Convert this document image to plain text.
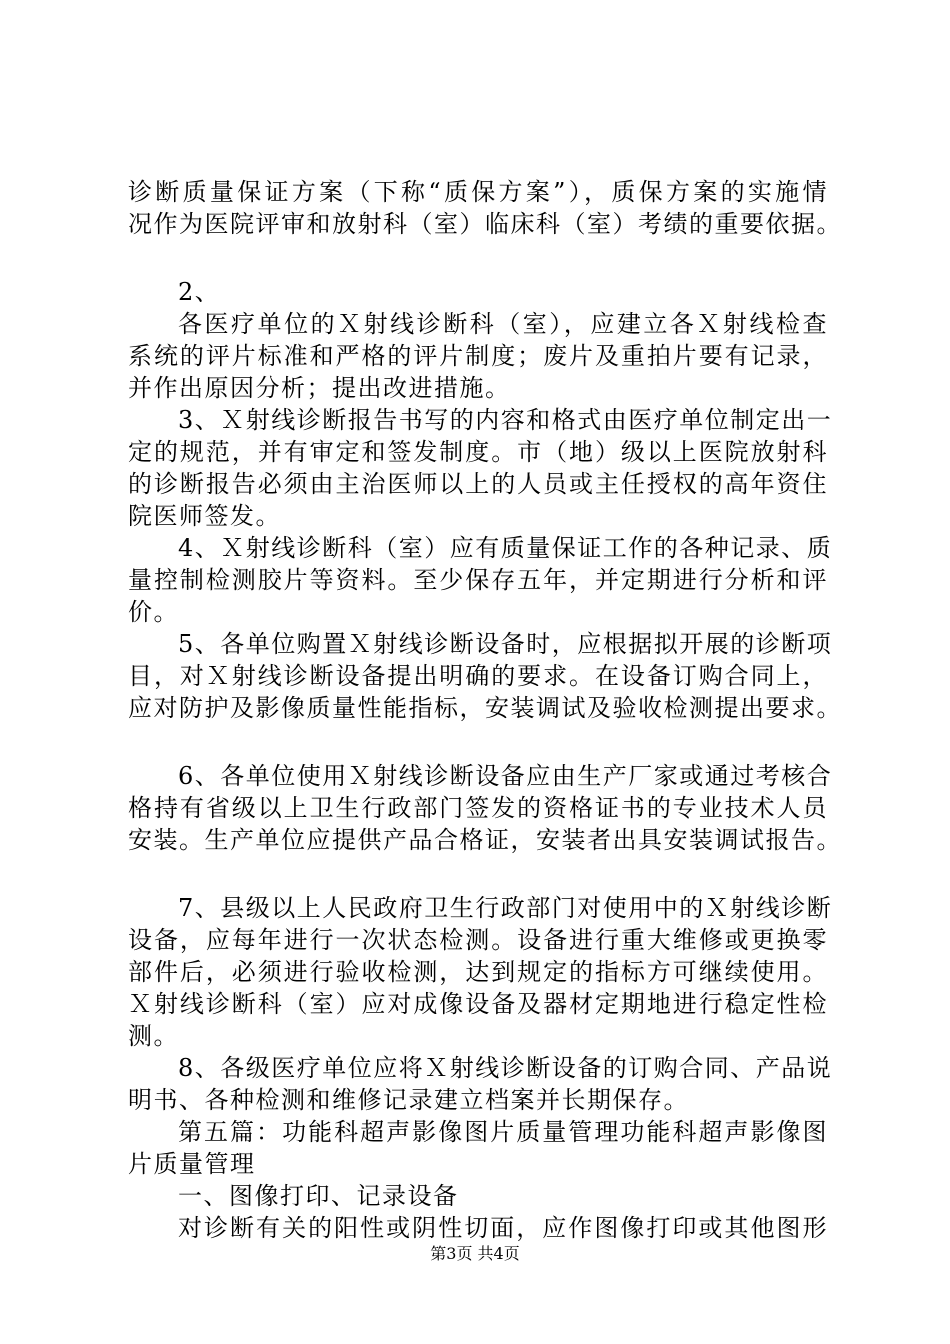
诊断质量保证方案（下称“质保方案”），质保方案的实施情
况作为医院评审和放射科（室）临床科（室）考绩的重要依据。
2、
各医疗单位的Ｘ射线诊断科（室），应建立各Ｘ射线检查
系统的评片标准和严格的评片制度；废片及重拍片要有记录，
并作出原因分析；提出改进措施。
3、Ｘ射线诊断报告书写的内容和格式由医疗单位制定出一
定的规范，并有审定和签发制度。市（地）级以上医院放射科
的诊断报告必须由主治医师以上的人员或主任授权的高年资住
院医师签发。
4、Ｘ射线诊断科（室）应有质量保证工作的各种记录、质
量控制检测胶片等资料。至少保存五年，并定期进行分析和评
价。
5、各单位购置Ｘ射线诊断设备时，应根据拟开展的诊断项
目，对Ｘ射线诊断设备提出明确的要求。在设备订购合同上，
应对防护及影像质量性能指标，安装调试及验收检测提出要求。
6、各单位使用Ｘ射线诊断设备应由生产厂家或通过考核合
格持有省级以上卫生行政部门签发的资格证书的专业技术人员
安装。生产单位应提供产品合格证，安装者出具安装调试报告。
7、县级以上人民政府卫生行政部门对使用中的Ｘ射线诊断
设备，应每年进行一次状态检测。设备进行重大维修或更换零
部件后，必须进行验收检测，达到规定的指标方可继续使用。
Ｘ射线诊断科（室）应对成像设备及器材定期地进行稳定性检
测。
8、各级医疗单位应将Ｘ射线诊断设备的订购合同、产品说
明书、各种检测和维修记录建立档案并长期保存。
第五篇：功能科超声影像图片质量管理功能科超声影像图
片质量管理
一、图像打印、记录设备
对诊断有关的阳性或阴性切面，应作图像打印或其他图形
第3页 共4页
